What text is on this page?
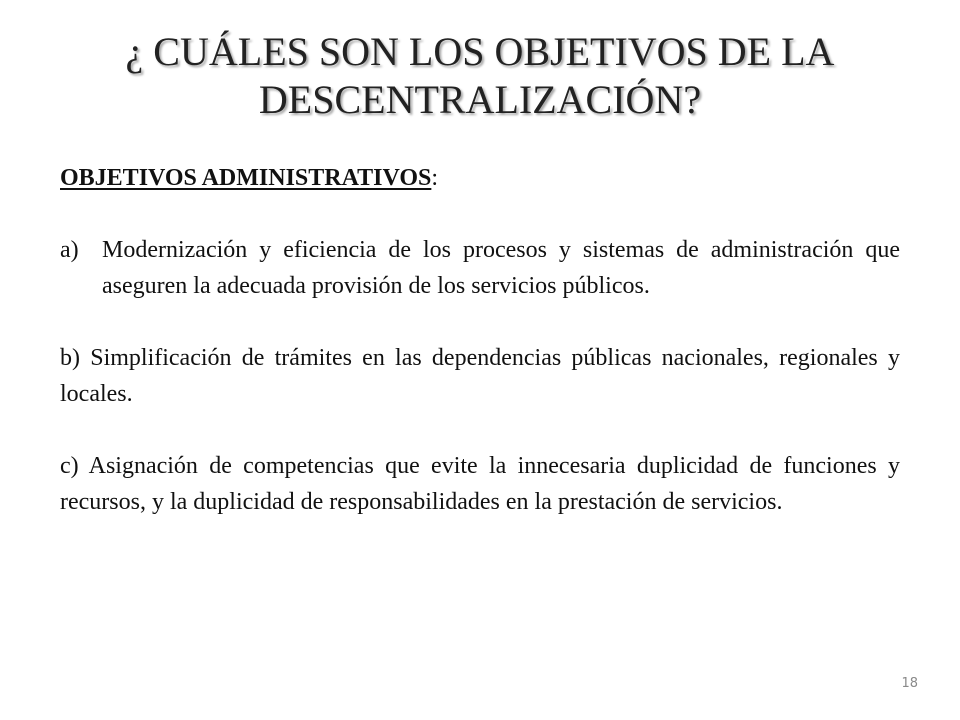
¿ CUÁLES SON LOS OBJETIVOS DE LA
DESCENTRALIZACIÓN?

OBJETIVOS ADMINISTRATIVOS:

a) Modernización y eficiencia de los procesos y sistemas de administración que aseguren la adecuada provisión de los servicios públicos.

b) Simplificación de trámites en las dependencias públicas nacionales, regionales y locales.

c) Asignación de competencias que evite la innecesaria duplicidad de funciones y recursos, y la duplicidad de responsabilidades en la prestación de servicios.

18
